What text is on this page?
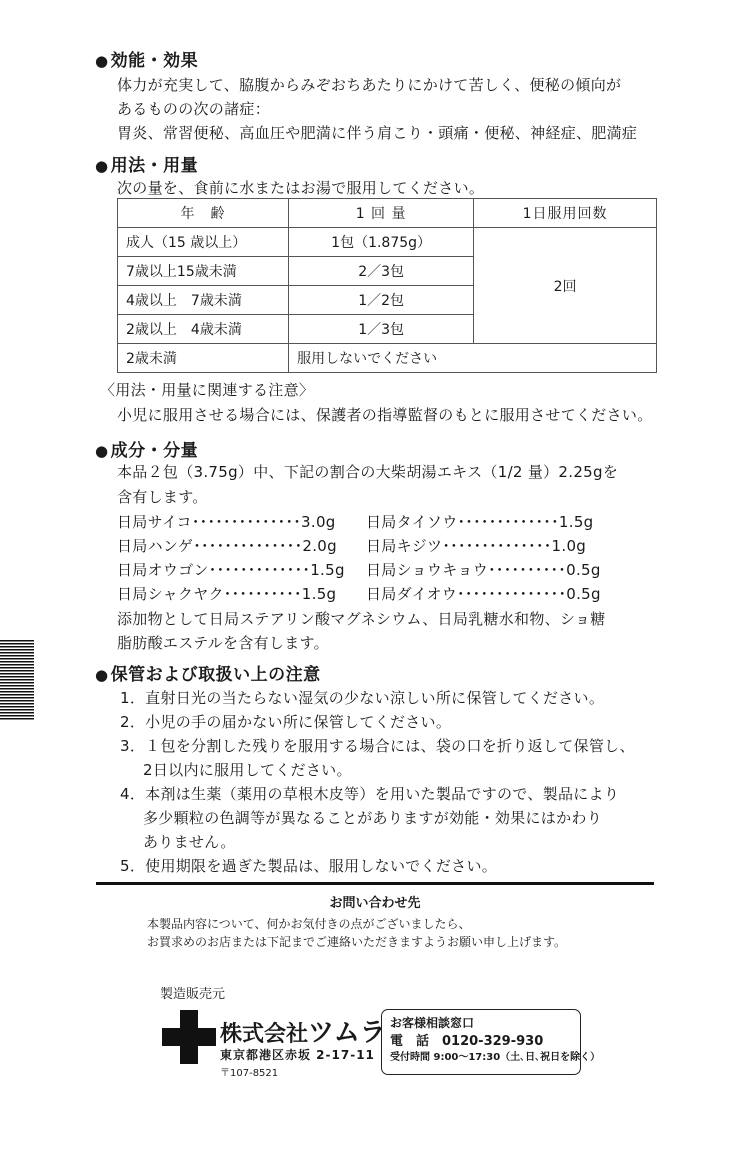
● 効能・効果
体力が充実して、脇腹からみぞおちあたりにかけて苦しく、便秘の傾向が
あるものの次の諸症：
胃炎、常習便秘、高血圧や肥満に伴う肩こり・頭痛・便秘、神経症、肥満症
● 用法・用量
次の量を、食前に水またはお湯で服用してください。
年　齢	1 回 量	1日服用回数
成人（15 歳以上）	1包（1.875g）	2回
7歳以上15歳未満	2／3包	
4歳以上　7歳未満	1／2包	
2歳以上　4歳未満	1／3包	
2歳未満	服用しないでください	
〈用法・用量に関連する注意〉
小児に服用させる場合には、保護者の指導監督のもとに服用させてください。
● 成分・分量
本品２包（3.75g）中、下記の割合の大柴胡湯エキス（1/2 量）2.25gを
含有します。
日局サイコ･･････････････3.0g 日局タイソウ･････････････1.5g
日局ハンゲ･･････････････2.0g 日局キジツ･･････････････1.0g
日局オウゴン･････････････1.5g 日局ショウキョウ･･････････0.5g
日局シャクヤク･･････････1.5g 日局ダイオウ･･････････････0.5g
添加物として日局ステアリン酸マグネシウム、日局乳糖水和物、ショ糖
脂肪酸エステルを含有します。
● 保管および取扱い上の注意
1．直射日光の当たらない湿気の少ない涼しい所に保管してください。
2．小児の手の届かない所に保管してください。
3．１包を分割した残りを服用する場合には、袋の口を折り返して保管し、
2日以内に服用してください。
4．本剤は生薬（薬用の草根木皮等）を用いた製品ですので、製品により
多少顆粒の色調等が異なることがありますが効能・効果にはかわり
ありません。
5．使用期限を過ぎた製品は、服用しないでください。
お問い合わせ先
本製品内容について、何かお気付きの点がございましたら、
お買求めのお店または下記までご連絡いただきますようお願い申し上げます。
製造販売元
株式会社ツムラ
東京都港区赤坂 2-17-11
〒107-8521
お客様相談窓口
電　話　0120-329-930
受付時間 9:00〜17:30（土､日､祝日を除く）
